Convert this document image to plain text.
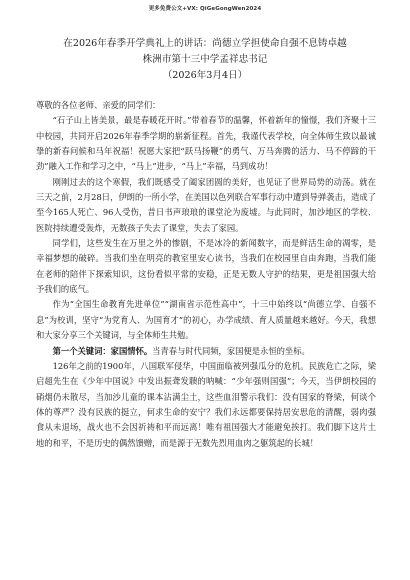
更多免费公文+VX: QiGeGongWen2024
在2026年春季开学典礼上的讲话：尚德立学担使命自强不息铸卓越
株洲市第十三中学孟祥忠书记
（2026年3月4日）

尊敬的各位老师、亲爱的同学们：

“石子山上皆美景，最是春暖花开时。”带着春节的温馨，怀着新年的憧憬，我们齐聚十三中校园，共同开启2026年春季学期的崭新征程。首先，我谨代表学校，向全体师生致以最诚挚的新春问候和马年祝福！祝愿大家把“跃马扬鞭”的勇气、万马奔腾的活力、马不停蹄的干劲”融入工作和学习之中，“马上”进步，“马上”幸福，马到成功！

刚刚过去的这个寒假，我们既感受了阖家团圆的美好，也见证了世界局势的动荡。就在三天之前，2月28日，伊朗的一所小学，在美国以色列联合军事行动中遭到导弹袭击，造成了至今165人死亡、96人受伤，昔日书声琅琅的课堂沦为废墟。与此同时，加沙地区的学校、医院持续遭受轰炸，无数孩子失去了课堂，失去了家园。

同学们，这些发生在万里之外的惨剧，不是冰冷的新闻数字，而是鲜活生命的凋零，是幸福梦想的破碎。当我们坐在明亮的教室里安心读书，当我们在校园里自由奔跑，当我们能在老师的陪伴下探索知识，这份看似平常的安稳，正是无数人守护的结果，更是祖国强大给予我们的底气。

作为“全国生命教育先进单位”“湖南省示范性高中”，十三中始终以“尚德立学、自强不息”为校训，坚守“为党育人、为国育才”的初心，办学成绩、育人质量越来越好。今天，我想和大家分享三个关键词，与全体师生共勉。

第一个关键词：家国情怀。当青春与时代同频，家国便是永恒的坐标。

126年之前的1900年，八国联军侵华，中国面临被列强瓜分的危机。民族危亡之际，梁启超先生在《少年中国说》中发出振聋发聩的呐喊：“少年强则国强”；今天，当伊朗校园的硝烟仍未散尽，当加沙儿童的课本沾满尘土，这些血泪警示我们：没有国家的脊梁，何谈个体的尊严？没有民族的挺立，何求生命的安宁？我们永远都要保持居安思危的清醒，弱肉强食从未退场，战火也不会因祈祷和平而远离！唯有祖国强大才能避免挨打。我们脚下这片土地的和平，不是历史的偶然馈赠，而是源于无数先烈用血肉之躯筑起的长城！
